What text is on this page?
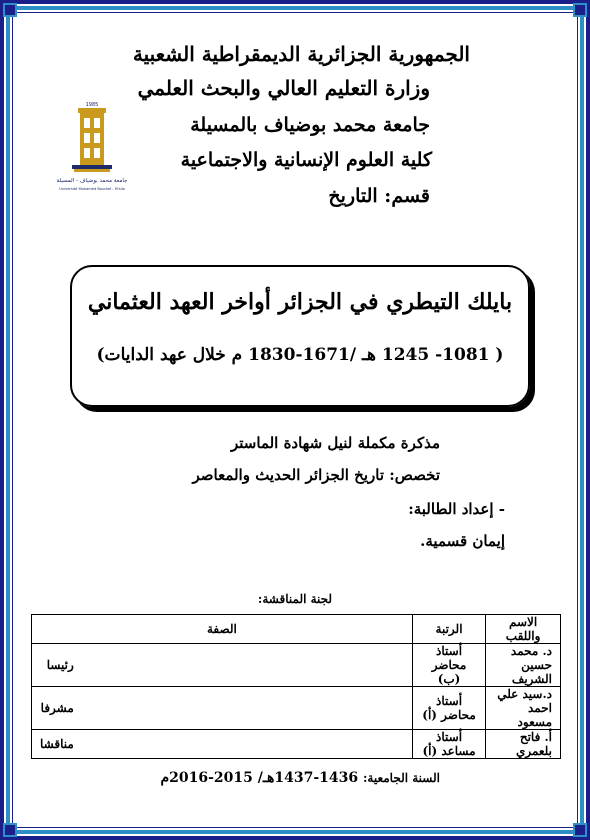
الجمهورية الجزائرية الديمقراطية الشعبية
وزارة التعليم العالي والبحث العلمي
جامعة محمد بوضياف بالمسيلة
كلية العلوم الإنسانية والاجتماعية
قسم: التاريخ
1985
جامعة محمد بوضياف - المسيلة
Université Mohamed Boudiaf - M'sila
بايلك التيطري في الجزائر أواخر العهد العثماني
( 1081- 1245 هـ /1671-1830 م خلال عهد الدايات)
مذكرة مكملة لنيل شهادة الماستر
تخصص: تاريخ الجزائر الحديث والمعاصر
- إعداد الطالبة:
إيمان قسمية.
لجنة المناقشة:
الاسم واللقب	الرتبة	الصفة
د. محمد حسين الشريف	أستاذ محاضر (ب)	رئيسا
د.سيد علي احمد مسعود	أستاذ محاضر (أ)	مشرفا
أ. فاتح بلعمري	أستاذ مساعد (أ)	مناقشا
السنة الجامعية: 1436-1437هـ/ 2015-2016م
